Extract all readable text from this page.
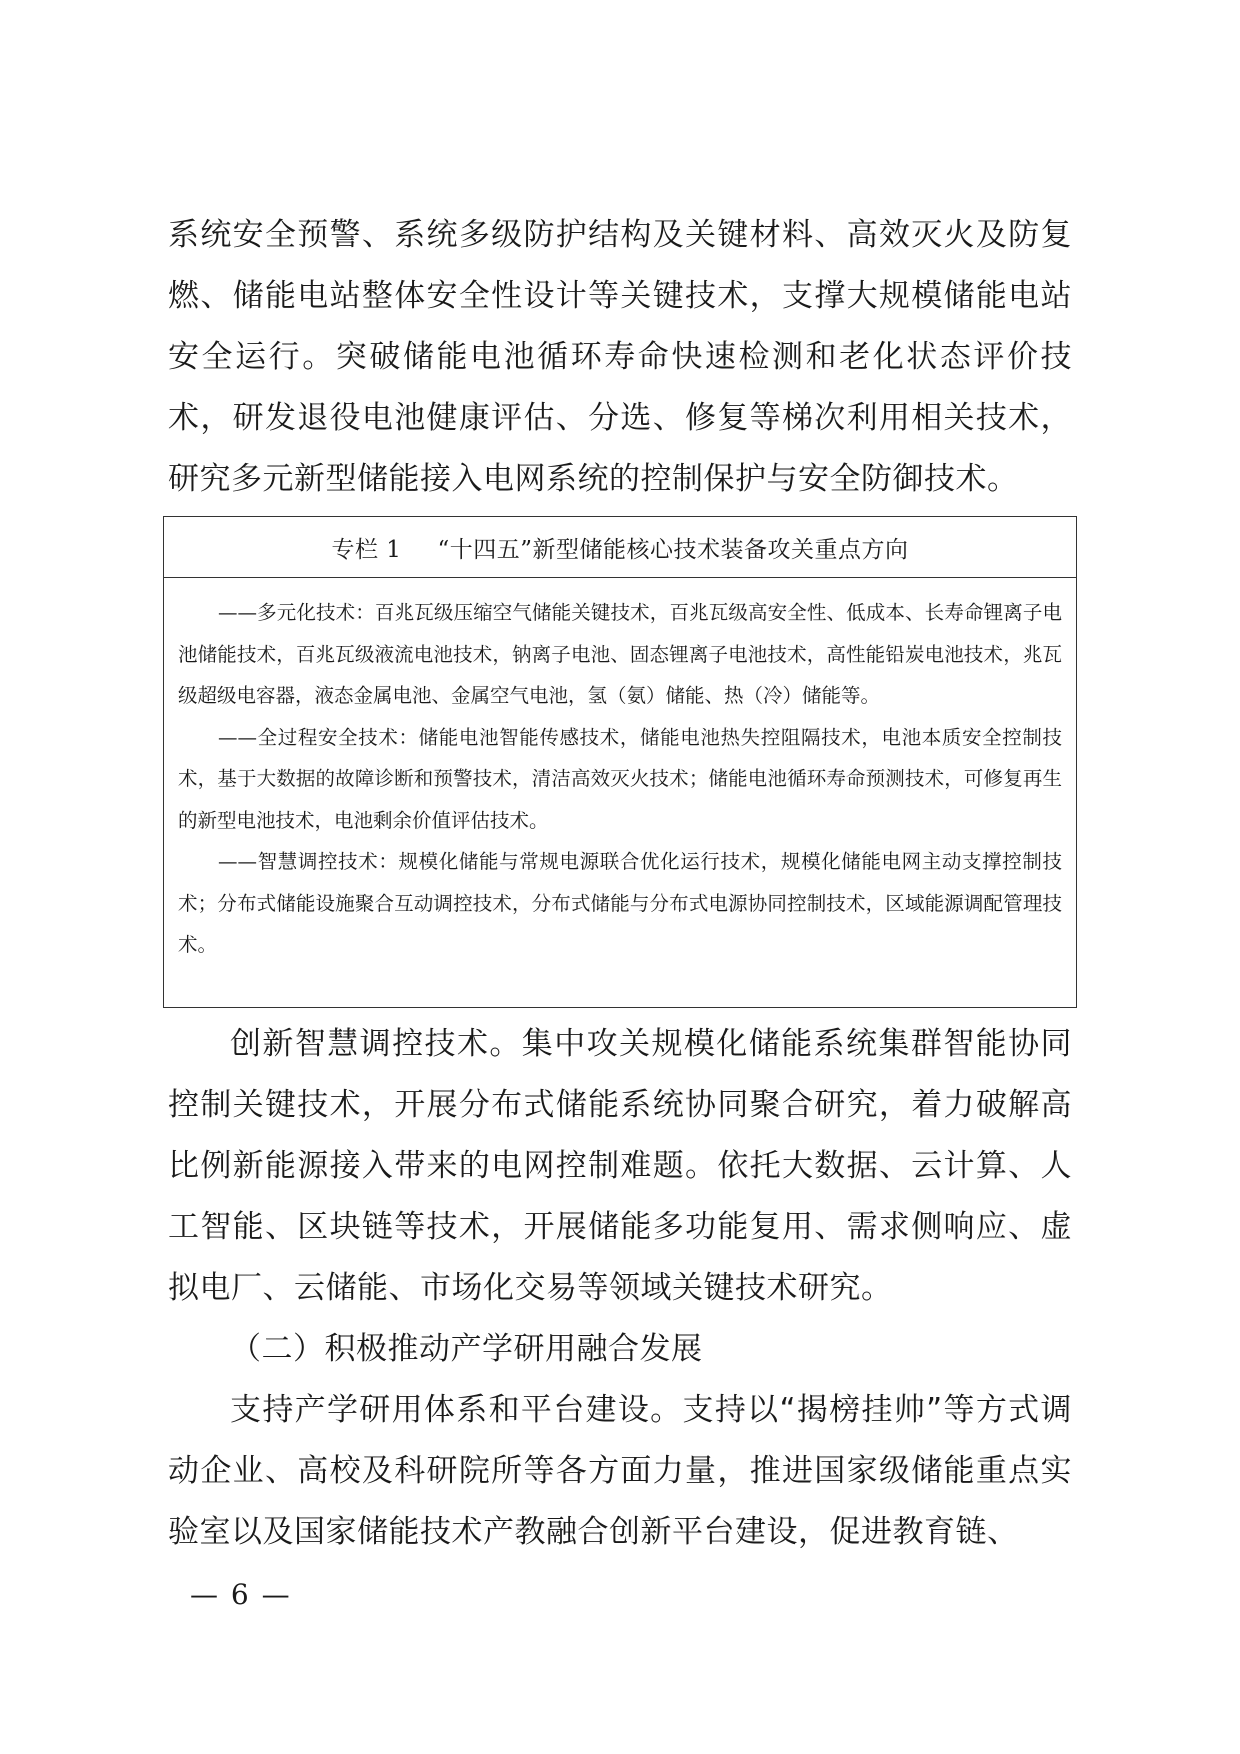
系统安全预警、系统多级防护结构及关键材料、高效灭火及防复燃、储能电站整体安全性设计等关键技术，支撑大规模储能电站安全运行。突破储能电池循环寿命快速检测和老化状态评价技术，研发退役电池健康评估、分选、修复等梯次利用相关技术，研究多元新型储能接入电网系统的控制保护与安全防御技术。

专栏 1 “十四五”新型储能核心技术装备攻关重点方向

——多元化技术：百兆瓦级压缩空气储能关键技术，百兆瓦级高安全性、低成本、长寿命锂离子电池储能技术，百兆瓦级液流电池技术，钠离子电池、固态锂离子电池技术，高性能铅炭电池技术，兆瓦级超级电容器，液态金属电池、金属空气电池，氢（氨）储能、热（冷）储能等。

——全过程安全技术：储能电池智能传感技术，储能电池热失控阻隔技术，电池本质安全控制技术，基于大数据的故障诊断和预警技术，清洁高效灭火技术；储能电池循环寿命预测技术，可修复再生的新型电池技术，电池剩余价值评估技术。

——智慧调控技术：规模化储能与常规电源联合优化运行技术，规模化储能电网主动支撑控制技术；分布式储能设施聚合互动调控技术，分布式储能与分布式电源协同控制技术，区域能源调配管理技术。

创新智慧调控技术。集中攻关规模化储能系统集群智能协同控制关键技术，开展分布式储能系统协同聚合研究，着力破解高比例新能源接入带来的电网控制难题。依托大数据、云计算、人工智能、区块链等技术，开展储能多功能复用、需求侧响应、虚拟电厂、云储能、市场化交易等领域关键技术研究。

（二）积极推动产学研用融合发展

支持产学研用体系和平台建设。支持以“揭榜挂帅”等方式调动企业、高校及科研院所等各方面力量，推进国家级储能重点实验室以及国家储能技术产教融合创新平台建设，促进教育链、

— 6 —
